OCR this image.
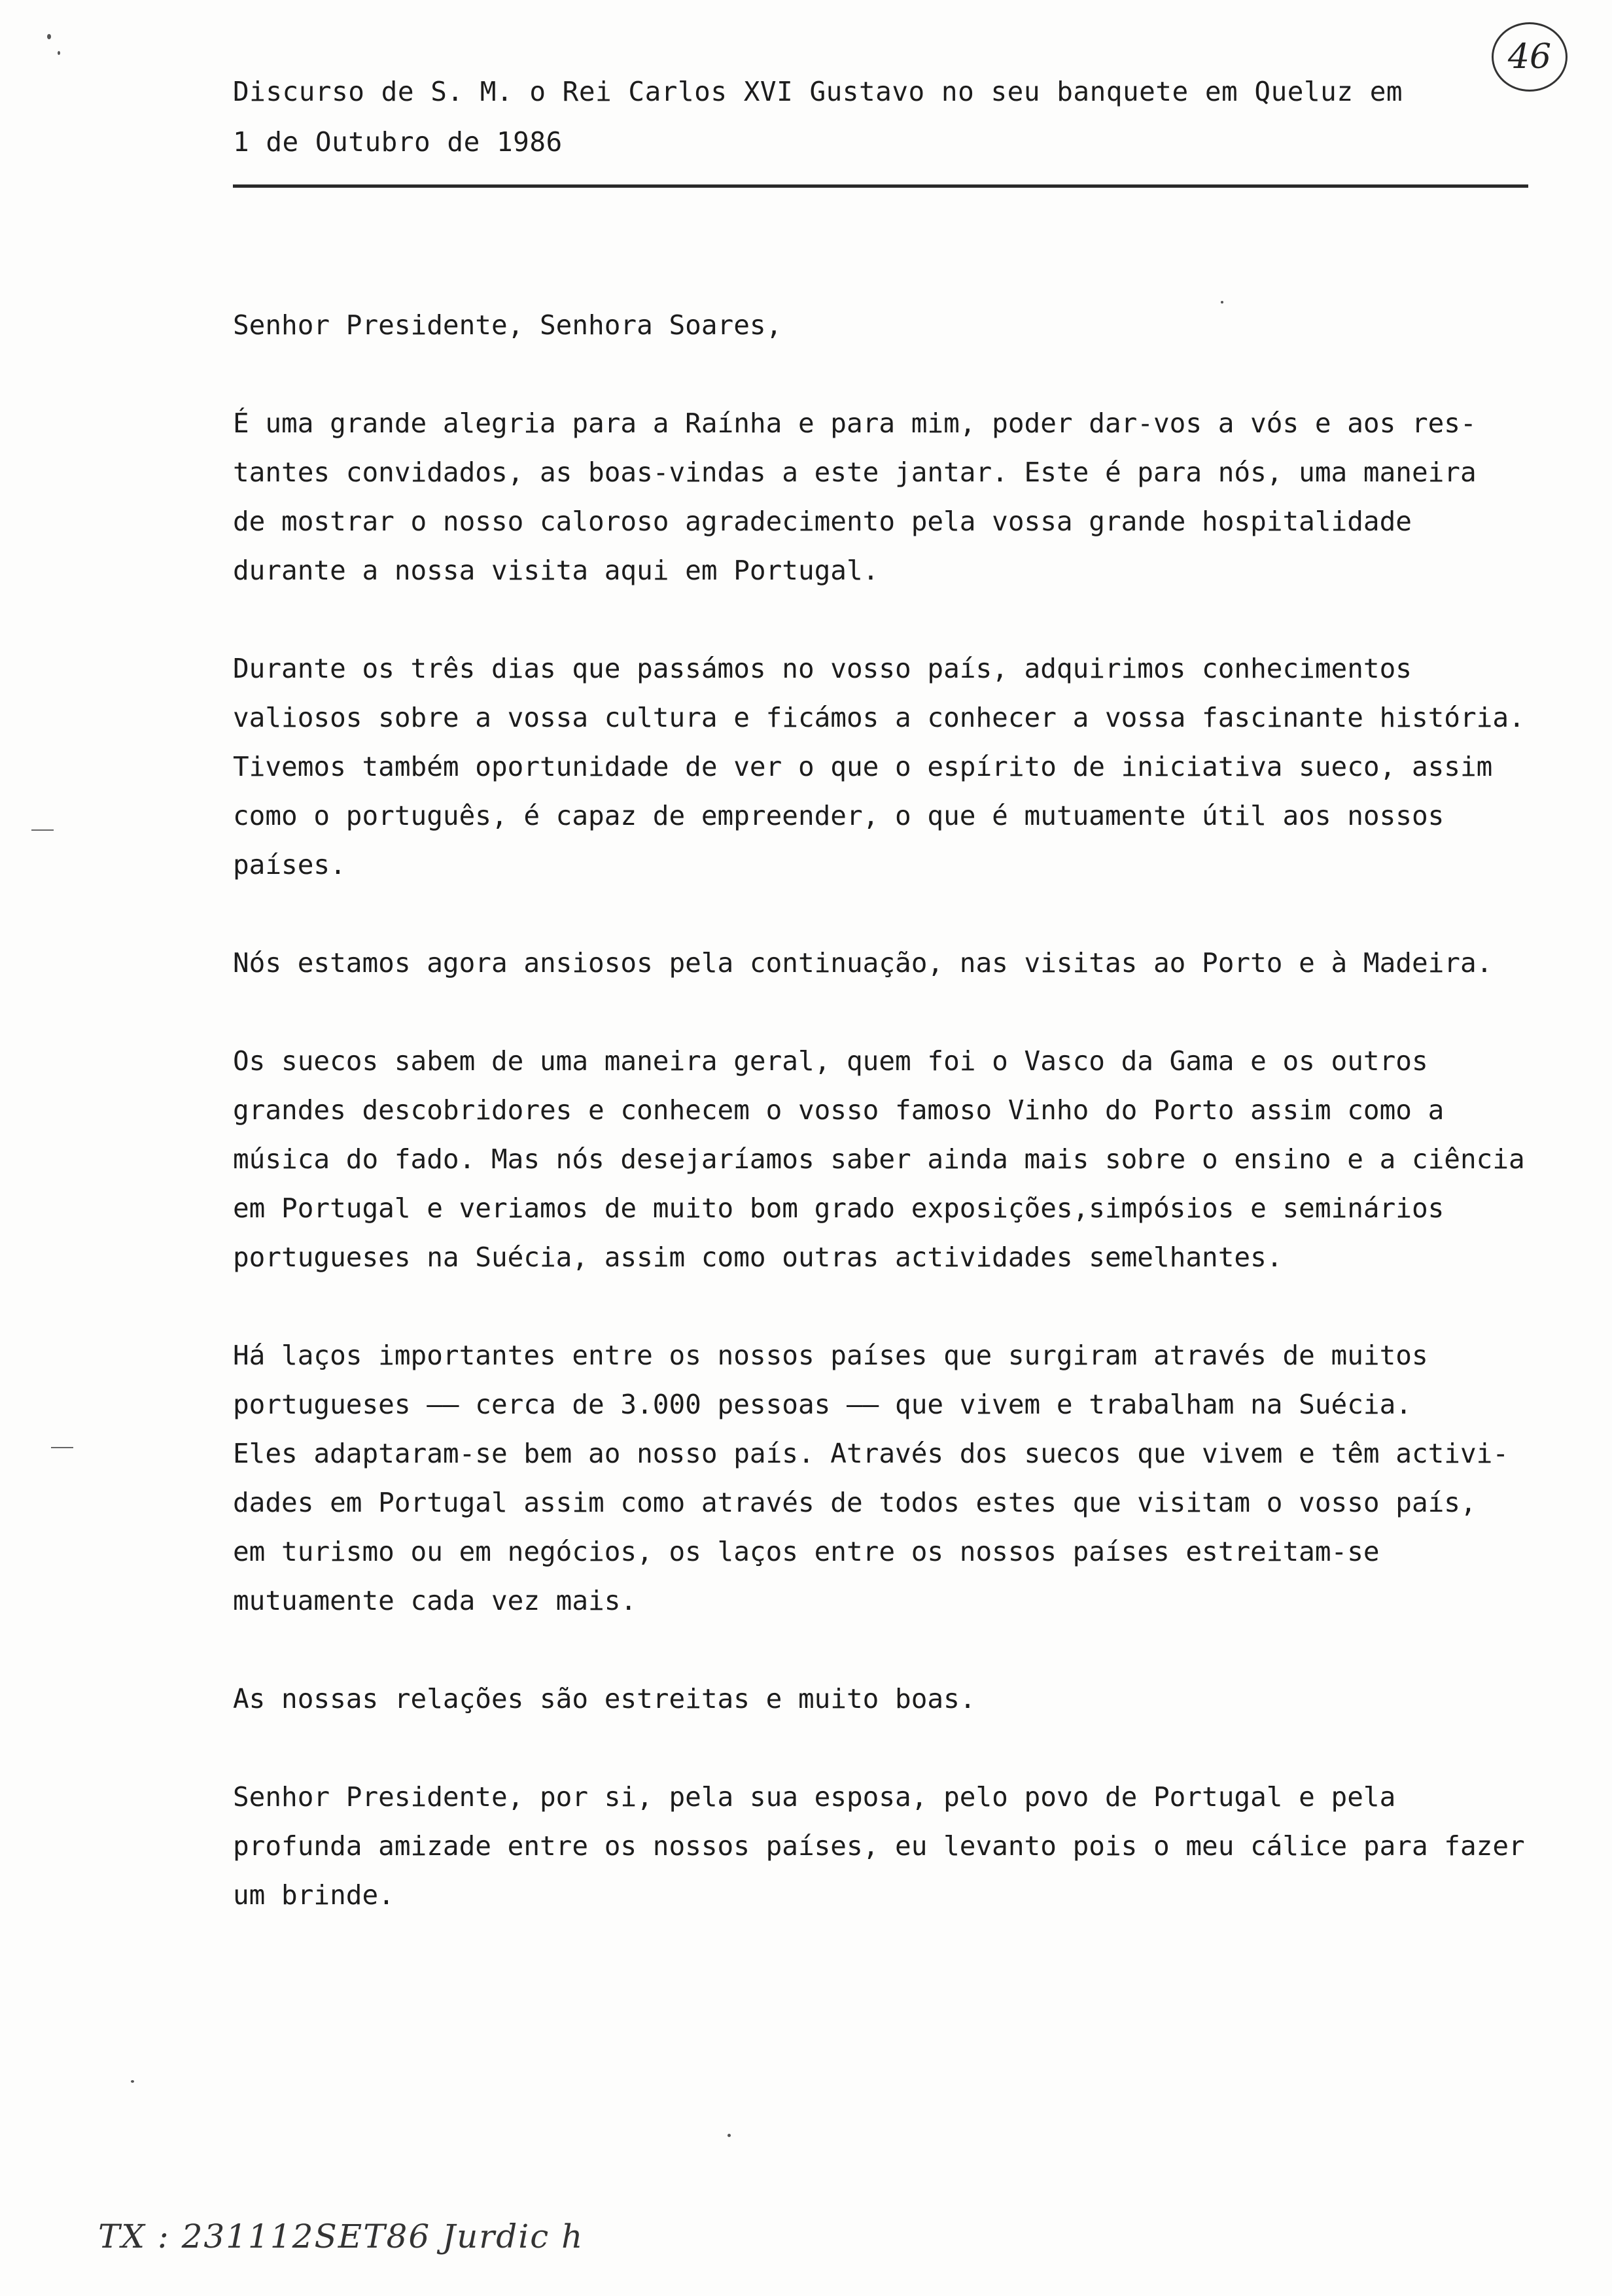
Discurso de S. M. o Rei Carlos XVI Gustavo no seu banquete em Queluz em
1 de Outubro de 1986
46

Senhor Presidente, Senhora Soares,

É uma grande alegria para a Raínha e para mim, poder dar-vos a vós e aos res-
tantes convidados, as boas-vindas a este jantar. Este é para nós, uma maneira
de mostrar o nosso caloroso agradecimento pela vossa grande hospitalidade
durante a nossa visita aqui em Portugal.

Durante os três dias que passámos no vosso país, adquirimos conhecimentos
valiosos sobre a vossa cultura e ficámos a conhecer a vossa fascinante história.
Tivemos também oportunidade de ver o que o espírito de iniciativa sueco, assim
como o português, é capaz de empreender, o que é mutuamente útil aos nossos
países.

Nós estamos agora ansiosos pela continuação, nas visitas ao Porto e à Madeira.

Os suecos sabem de uma maneira geral, quem foi o Vasco da Gama e os outros
grandes descobridores e conhecem o vosso famoso Vinho do Porto assim como a
música do fado. Mas nós desejaríamos saber ainda mais sobre o ensino e a ciência
em Portugal e veriamos de muito bom grado exposições,simpósios e seminários
portugueses na Suécia, assim como outras actividades semelhantes.

Há laços importantes entre os nossos países que surgiram através de muitos
portugueses —— cerca de 3.000 pessoas —— que vivem e trabalham na Suécia.
Eles adaptaram-se bem ao nosso país. Através dos suecos que vivem e têm activi-
dades em Portugal assim como através de todos estes que visitam o vosso país,
em turismo ou em negócios, os laços entre os nossos países estreitam-se
mutuamente cada vez mais.

As nossas relações são estreitas e muito boas.

Senhor Presidente, por si, pela sua esposa, pelo povo de Portugal e pela
profunda amizade entre os nossos países, eu levanto pois o meu cálice para fazer
um brinde.

TX : 231112SET86 Jurdic h
